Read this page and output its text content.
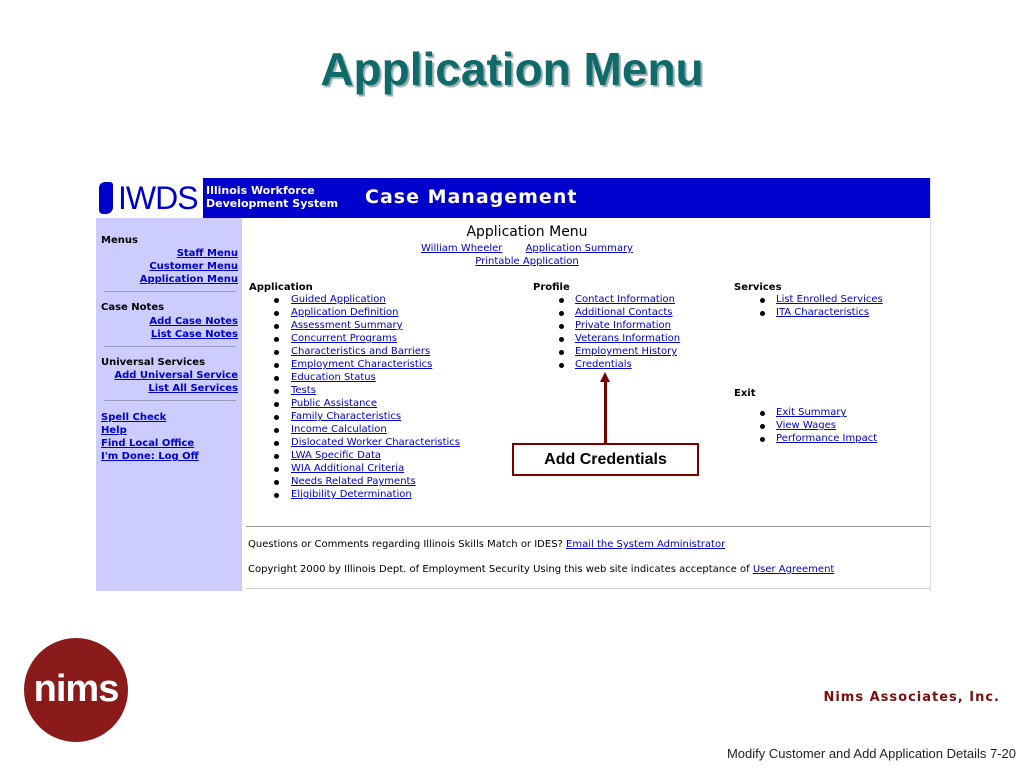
Application Menu
IWDS Illinois Workforce
Development System Case Management
Menus
Staff Menu
Customer Menu
Application Menu
Case Notes
Add Case Notes
List Case Notes
Universal Services
Add Universal Service
List All Services
Spell Check
Help
Find Local Office
I'm Done: Log Off
Application Menu
William Wheeler Application Summary
Printable Application
Application
Guided Application
Application Definition
Assessment Summary
Concurrent Programs
Characteristics and Barriers
Employment Characteristics
Education Status
Tests
Public Assistance
Family Characteristics
Income Calculation
Dislocated Worker Characteristics
LWA Specific Data
WIA Additional Criteria
Needs Related Payments
Eligibility Determination
Profile
Contact Information
Additional Contacts
Private Information
Veterans Information
Employment History
Credentials
Services
List Enrolled Services
ITA Characteristics
Exit
Exit Summary
View Wages
Performance Impact
Questions or Comments regarding Illinois Skills Match or IDES? Email the System Administrator
Copyright 2000 by Illinois Dept. of Employment Security Using this web site indicates acceptance of User Agreement
Add Credentials
nims	Nims Associates, Inc.
Modify Customer and Add Application Details 7-20
